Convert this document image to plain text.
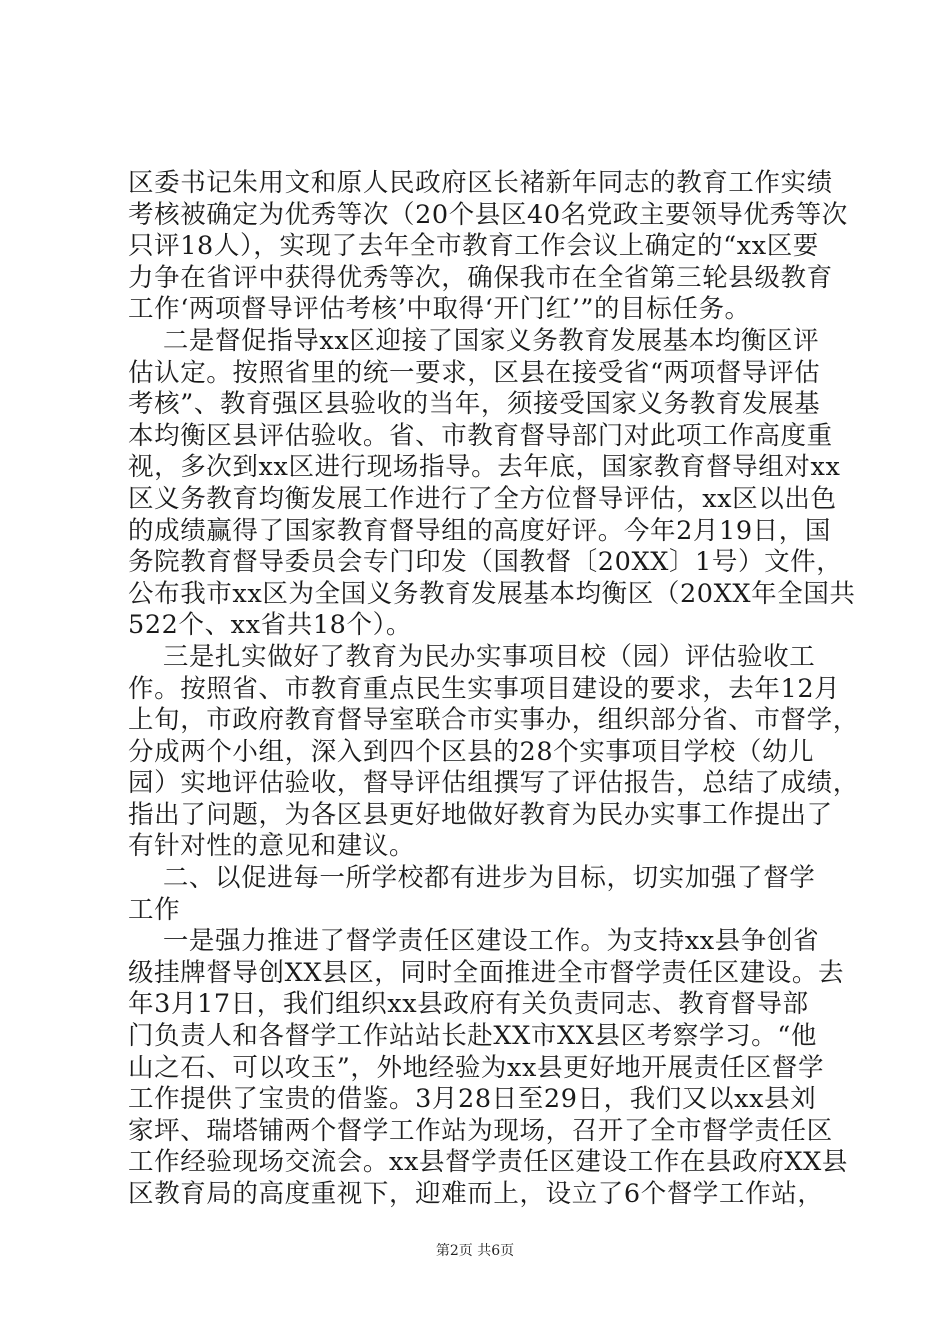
区委书记朱用文和原人民政府区长褚新年同志的教育工作实绩
考核被确定为优秀等次（20个县区40名党政主要领导优秀等次
只评18人），实现了去年全市教育工作会议上确定的“xx区要
力争在省评中获得优秀等次，确保我市在全省第三轮县级教育
工作‘两项督导评估考核’中取得‘开门红’”的目标任务。
二是督促指导xx区迎接了国家义务教育发展基本均衡区评
估认定。按照省里的统一要求，区县在接受省“两项督导评估
考核”、教育强区县验收的当年，须接受国家义务教育发展基
本均衡区县评估验收。省、市教育督导部门对此项工作高度重
视，多次到xx区进行现场指导。去年底，国家教育督导组对xx
区义务教育均衡发展工作进行了全方位督导评估，xx区以出色
的成绩赢得了国家教育督导组的高度好评。今年2月19日，国
务院教育督导委员会专门印发（国教督〔20XX〕1号）文件，
公布我市xx区为全国义务教育发展基本均衡区（20XX年全国共
522个、xx省共18个）。
三是扎实做好了教育为民办实事项目校（园）评估验收工
作。按照省、市教育重点民生实事项目建设的要求，去年12月
上旬，市政府教育督导室联合市实事办，组织部分省、市督学，
分成两个小组，深入到四个区县的28个实事项目学校（幼儿
园）实地评估验收，督导评估组撰写了评估报告，总结了成绩，
指出了问题，为各区县更好地做好教育为民办实事工作提出了
有针对性的意见和建议。
二、以促进每一所学校都有进步为目标，切实加强了督学
工作
一是强力推进了督学责任区建设工作。为支持xx县争创省
级挂牌督导创XX县区，同时全面推进全市督学责任区建设。去
年3月17日，我们组织xx县政府有关负责同志、教育督导部
门负责人和各督学工作站站长赴XX市XX县区考察学习。“他
山之石、可以攻玉”，外地经验为xx县更好地开展责任区督学
工作提供了宝贵的借鉴。3月28日至29日，我们又以xx县刘
家坪、瑞塔铺两个督学工作站为现场，召开了全市督学责任区
工作经验现场交流会。xx县督学责任区建设工作在县政府XX县
区教育局的高度重视下，迎难而上，设立了6个督学工作站，
第2页 共6页
